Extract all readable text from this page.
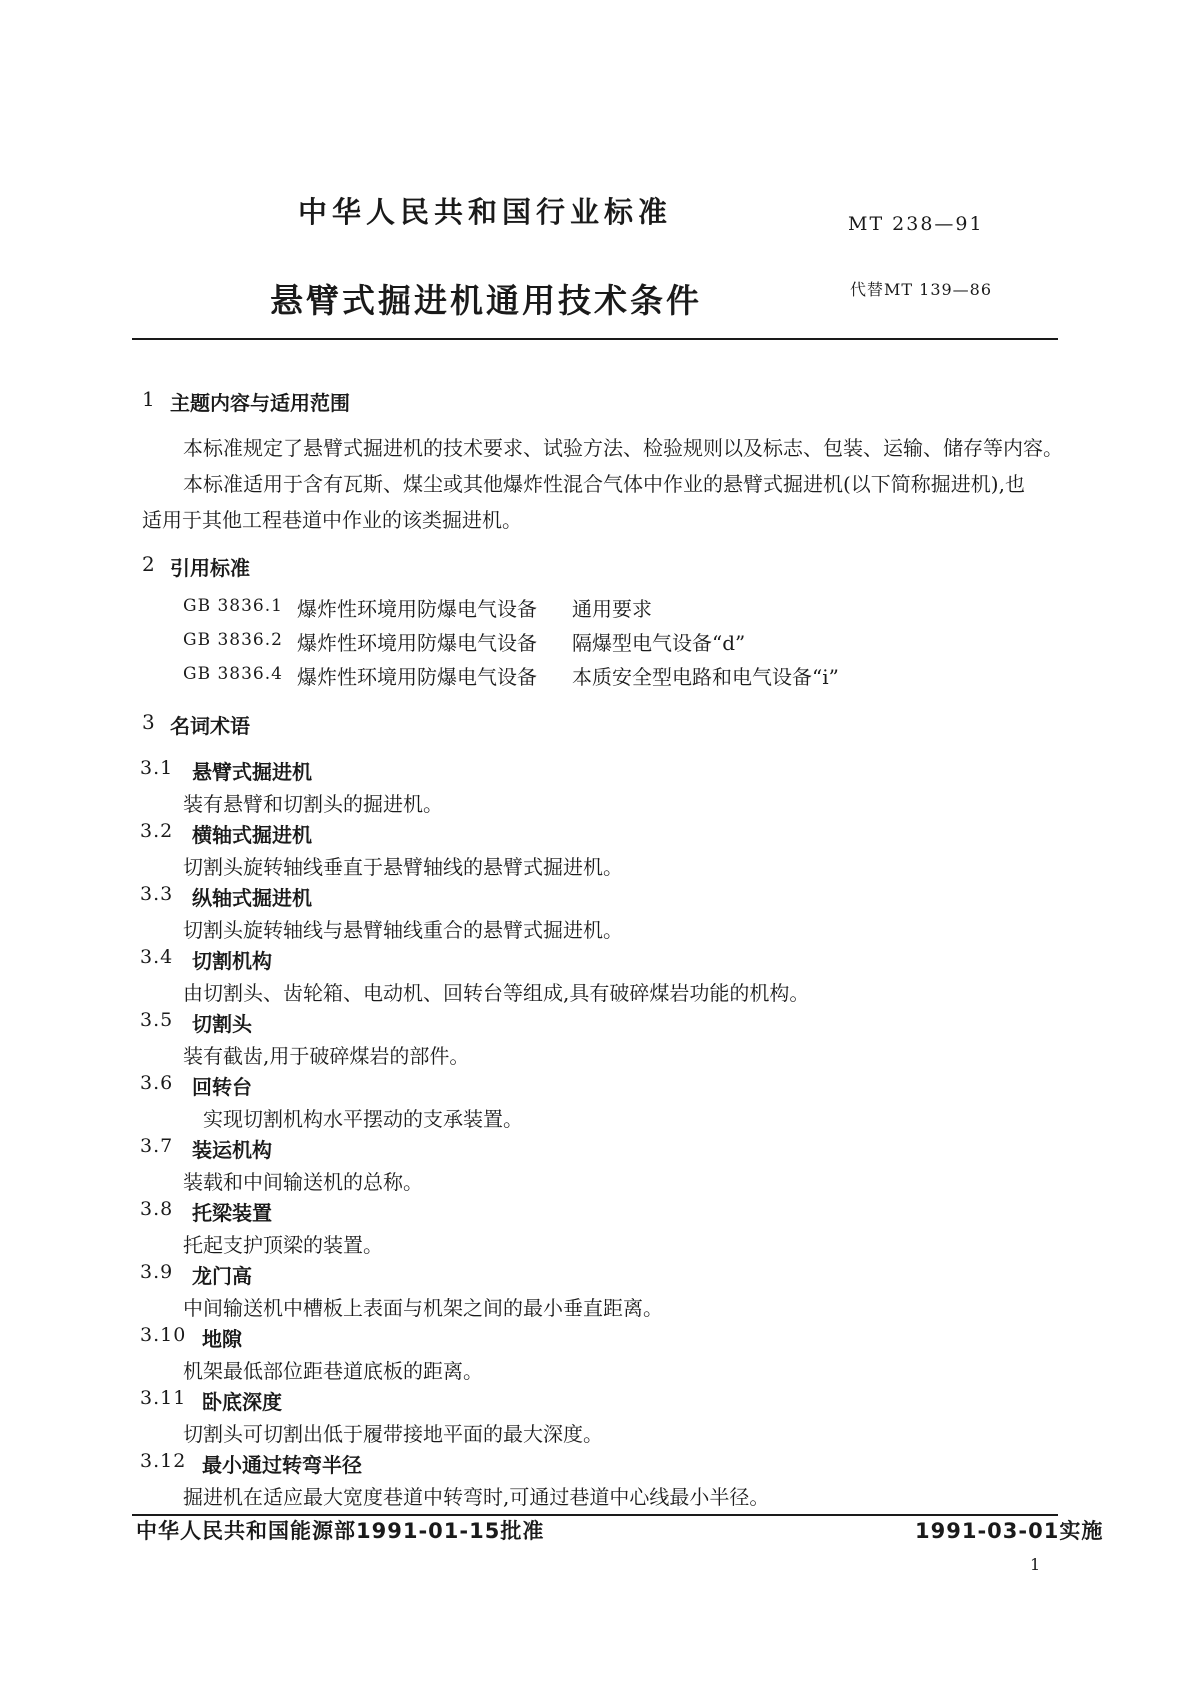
中华人民共和国行业标准	MT 238—91
悬臂式掘进机通用技术条件	代替MT 139—86
1 主题内容与适用范围
本标准规定了悬臂式掘进机的技术要求、试验方法、检验规则以及标志、包装、运输、储存等内容。
本标准适用于含有瓦斯、煤尘或其他爆炸性混合气体中作业的悬臂式掘进机(以下简称掘进机),也
适用于其他工程巷道中作业的该类掘进机。
2 引用标准
GB 3836.1 爆炸性环境用防爆电气设备 通用要求
GB 3836.2 爆炸性环境用防爆电气设备 隔爆型电气设备“d”
GB 3836.4 爆炸性环境用防爆电气设备 本质安全型电路和电气设备“i”
3 名词术语
3.1 悬臂式掘进机
装有悬臂和切割头的掘进机。
3.2 横轴式掘进机
切割头旋转轴线垂直于悬臂轴线的悬臂式掘进机。
3.3 纵轴式掘进机
切割头旋转轴线与悬臂轴线重合的悬臂式掘进机。
3.4 切割机构
由切割头、齿轮箱、电动机、回转台等组成,具有破碎煤岩功能的机构。
3.5 切割头
装有截齿,用于破碎煤岩的部件。
3.6 回转台
实现切割机构水平摆动的支承装置。
3.7 装运机构
装载和中间输送机的总称。
3.8 托梁装置
托起支护顶梁的装置。
3.9 龙门高
中间输送机中槽板上表面与机架之间的最小垂直距离。
3.10 地隙
机架最低部位距巷道底板的距离。
3.11 卧底深度
切割头可切割出低于履带接地平面的最大深度。
3.12 最小通过转弯半径
掘进机在适应最大宽度巷道中转弯时,可通过巷道中心线最小半径。
中华人民共和国能源部1991-01-15批准	1991-03-01实施
1
